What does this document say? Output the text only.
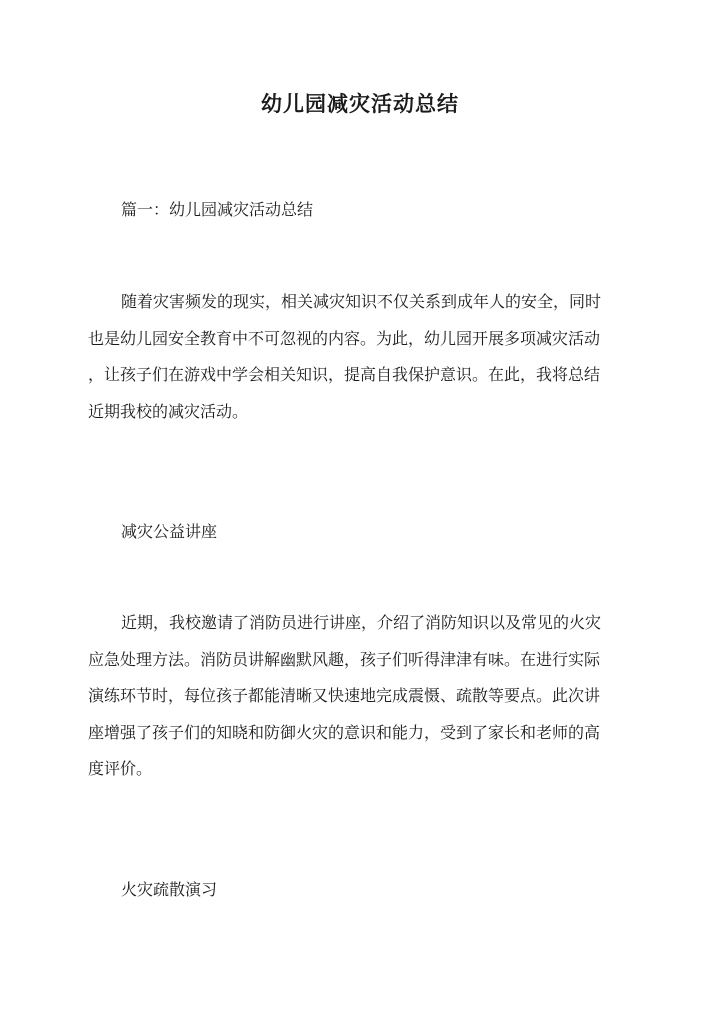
幼儿园减灾活动总结

篇一：幼儿园减灾活动总结

随着灾害频发的现实，相关减灾知识不仅关系到成年人的安全，同时
也是幼儿园安全教育中不可忽视的内容。为此，幼儿园开展多项减灾活动
，让孩子们在游戏中学会相关知识，提高自我保护意识。在此，我将总结
近期我校的减灾活动。

减灾公益讲座

近期，我校邀请了消防员进行讲座，介绍了消防知识以及常见的火灾
应急处理方法。消防员讲解幽默风趣，孩子们听得津津有味。在进行实际
演练环节时，每位孩子都能清晰又快速地完成震慑、疏散等要点。此次讲
座增强了孩子们的知晓和防御火灾的意识和能力，受到了家长和老师的高
度评价。

火灾疏散演习
